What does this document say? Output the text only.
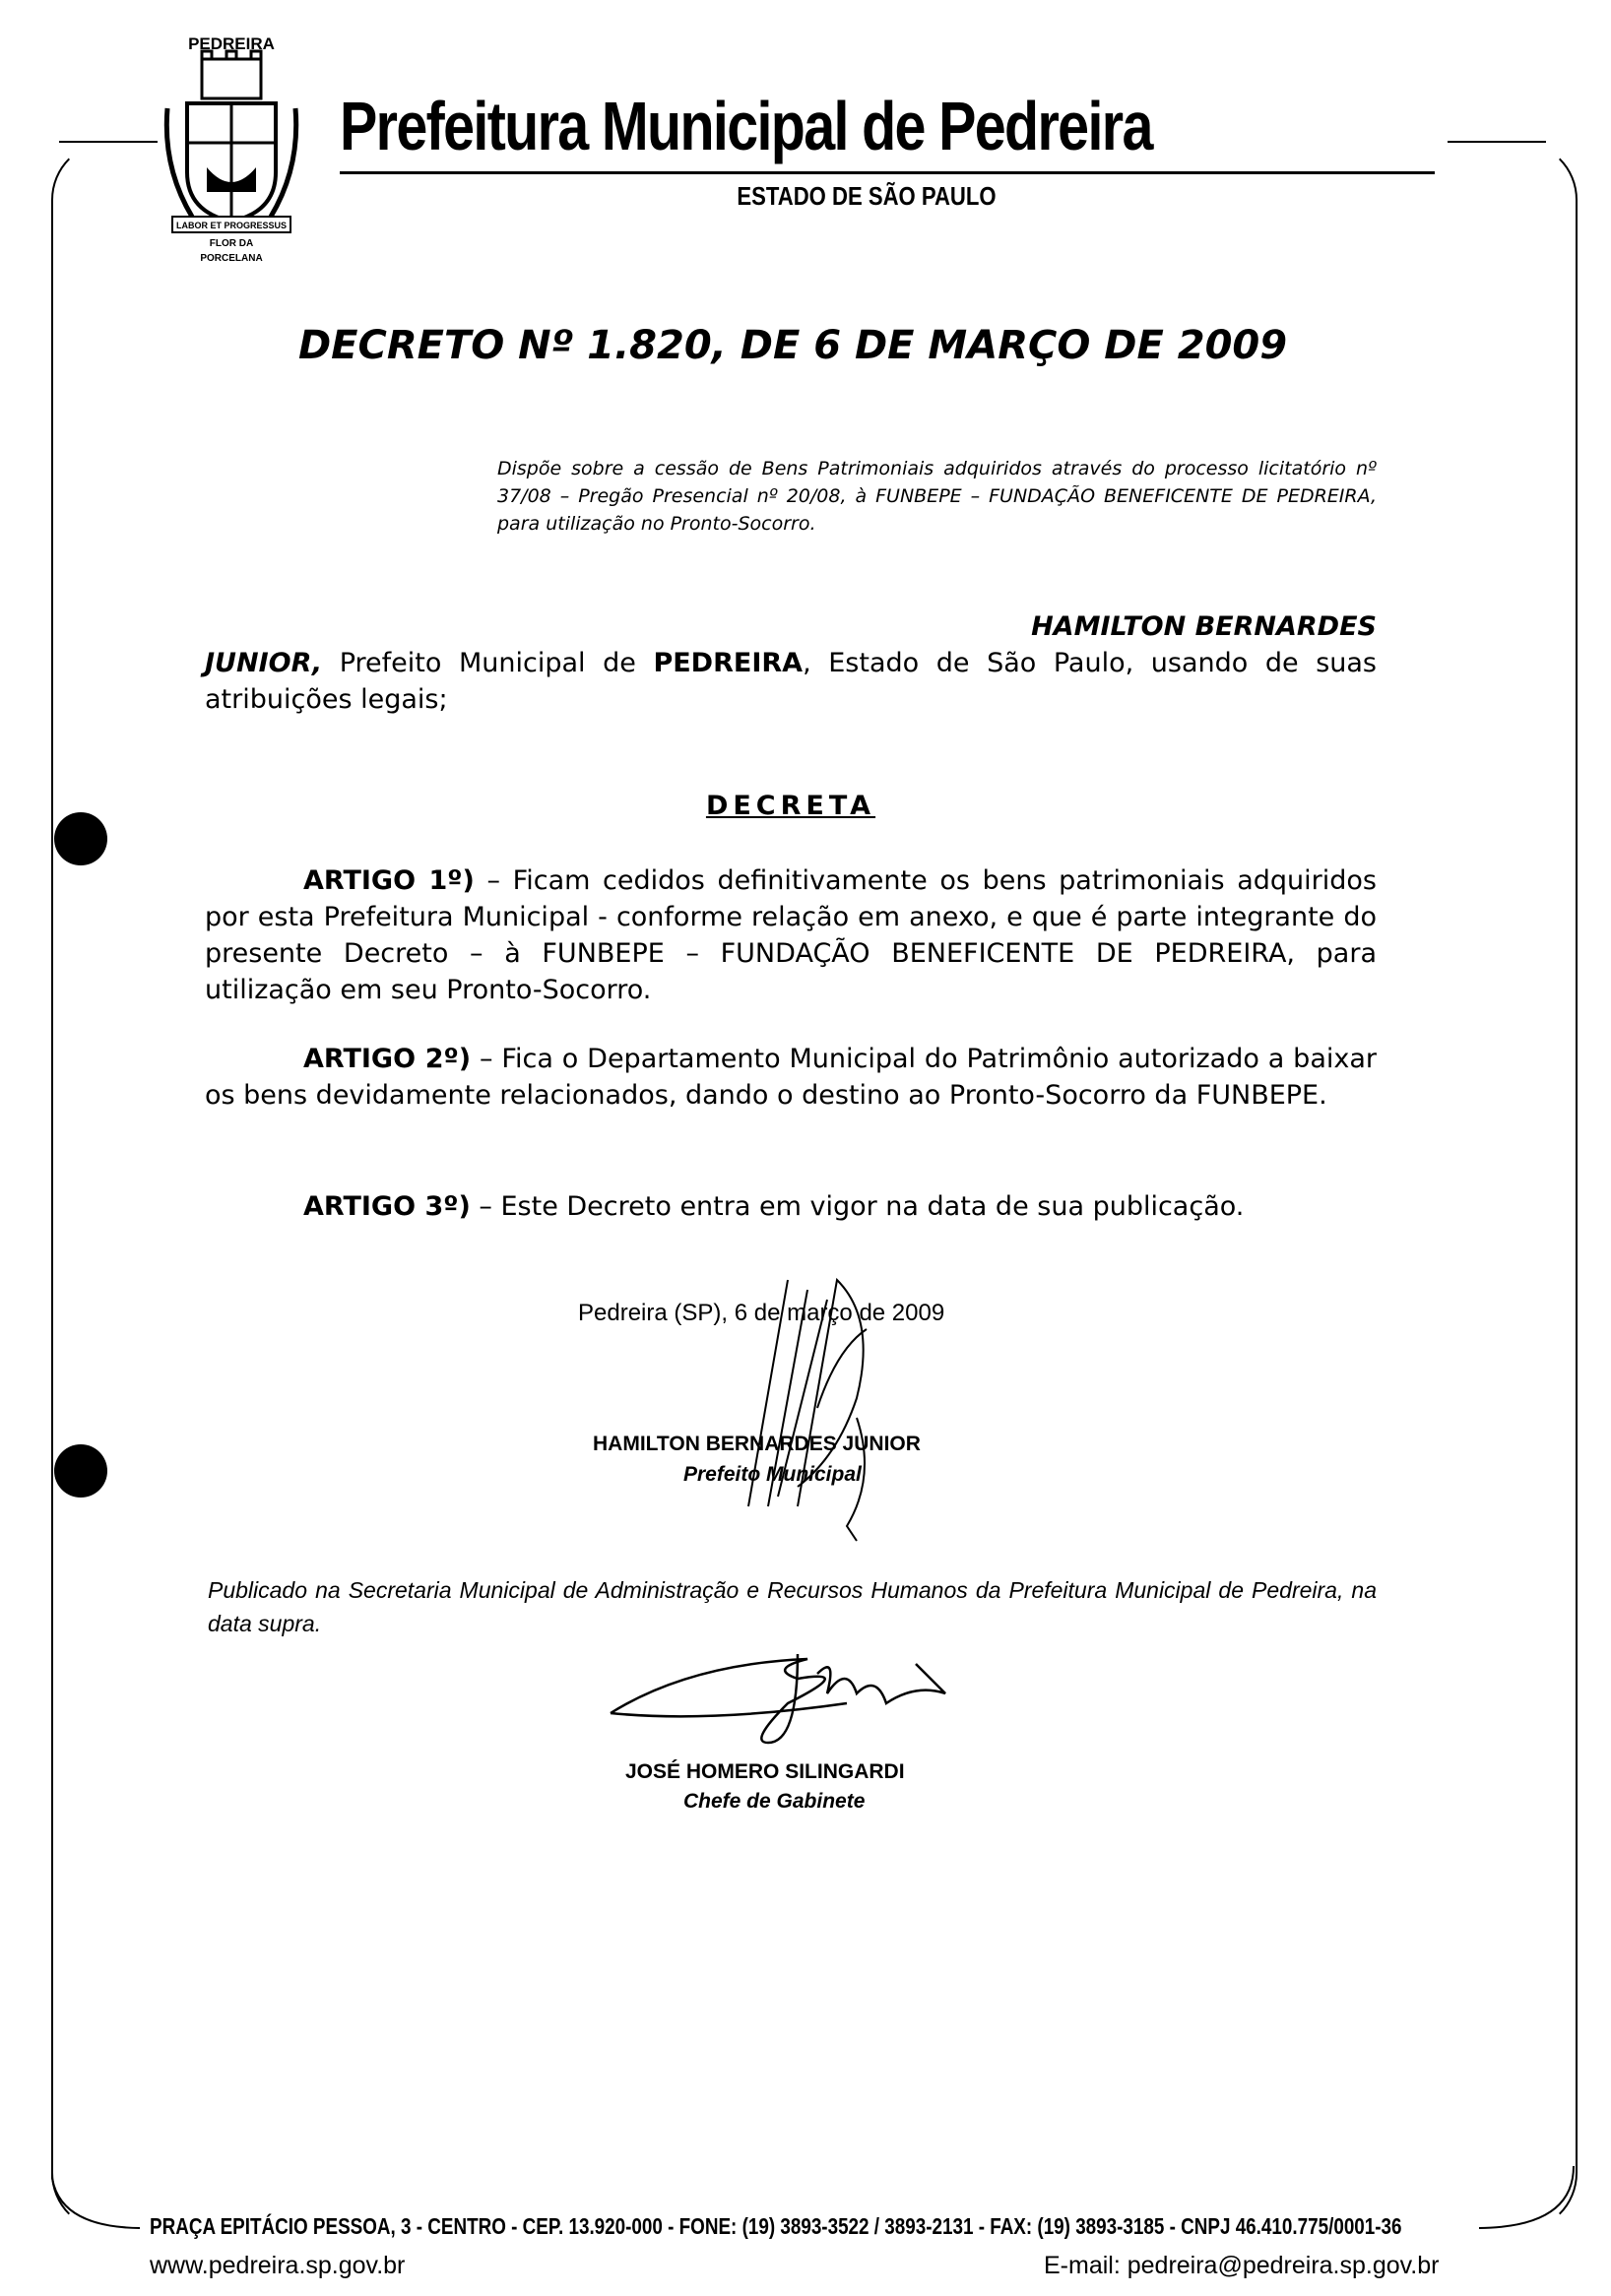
PEDREIRA
LABOR ET PROGRESSUS
FLOR DA
PORCELANA
Prefeitura Municipal de Pedreira
ESTADO DE SÃO PAULO
DECRETO Nº 1.820, DE 6 DE MARÇO DE 2009
Dispõe sobre a cessão de Bens Patrimoniais adquiridos através do processo licitatório nº 37/08 – Pregão Presencial nº 20/08, à FUNBEPE – FUNDAÇÃO BENEFICENTE DE PEDREIRA, para utilização no Pronto-Socorro.
HAMILTON BERNARDES
JUNIOR, Prefeito Municipal de PEDREIRA, Estado de São Paulo, usando de suas atribuições legais;
DECRETA
ARTIGO 1º) – Ficam cedidos definitivamente os bens patrimoniais adquiridos por esta Prefeitura Municipal - conforme relação em anexo, e que é parte integrante do presente Decreto – à FUNBEPE – FUNDAÇÃO BENEFICENTE DE PEDREIRA, para utilização em seu Pronto-Socorro.
ARTIGO 2º) – Fica o Departamento Municipal do Patrimônio autorizado a baixar os bens devidamente relacionados, dando o destino ao Pronto-Socorro da FUNBEPE.
ARTIGO 3º) – Este Decreto entra em vigor na data de sua publicação.
Pedreira (SP), 6 de março de 2009
HAMILTON BERNARDES JUNIOR
Prefeito Municipal
Publicado na Secretaria Municipal de Administração e Recursos Humanos da Prefeitura Municipal de Pedreira, na data supra.
JOSÉ HOMERO SILINGARDI
Chefe de Gabinete
PRAÇA EPITÁCIO PESSOA, 3 - CENTRO - CEP. 13.920-000 - FONE: (19) 3893-3522 / 3893-2131 - FAX: (19) 3893-3185 - CNPJ 46.410.775/0001-36
www.pedreira.sp.gov.br	E-mail: pedreira@pedreira.sp.gov.br
